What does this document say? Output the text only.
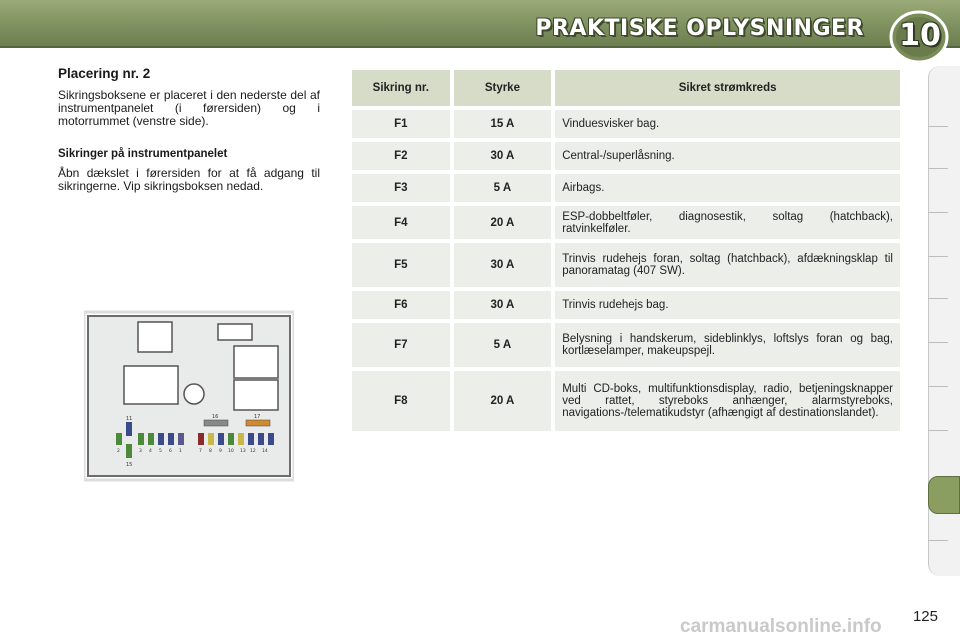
PRAKTISKE OPLYSNINGER 10
Placering nr. 2
Sikringsboksene er placeret i den nederste del af instrumentpanelet (i førersiden) og i motorrummet (venstre side).
Sikringer på instrumentpanelet
Åbn dækslet i førersiden for at få adgang til sikringerne. Vip sikringsboksen nedad.
11	16	17
15
2	3 4 5 6 1	7 8 9 10 13 12 14
Sikring nr.	Styrke	Sikret strømkreds
F1	15 A	Vinduesvisker bag.
F2	30 A	Central-/superlåsning.
F3	5 A	Airbags.
F4	20 A	ESP-dobbeltføler, diagnosestik, soltag (hatchback), ratvinkelføler.
F5	30 A	Trinvis rudehejs foran, soltag (hatchback), afdækningsklap til panoramatag (407 SW).
F6	30 A	Trinvis rudehejs bag.
F7	5 A	Belysning i handskerum, sideblinklys, loftslys foran og bag, kortlæselamper, makeupspejl.
F8	20 A	Multi CD-boks, multifunktionsdisplay, radio, betjeningsknapper ved rattet, styreboks anhænger, alarmstyreboks, navigations-/telematikudstyr (afhængigt af destinationslandet).
carmanualsonline.info 125
